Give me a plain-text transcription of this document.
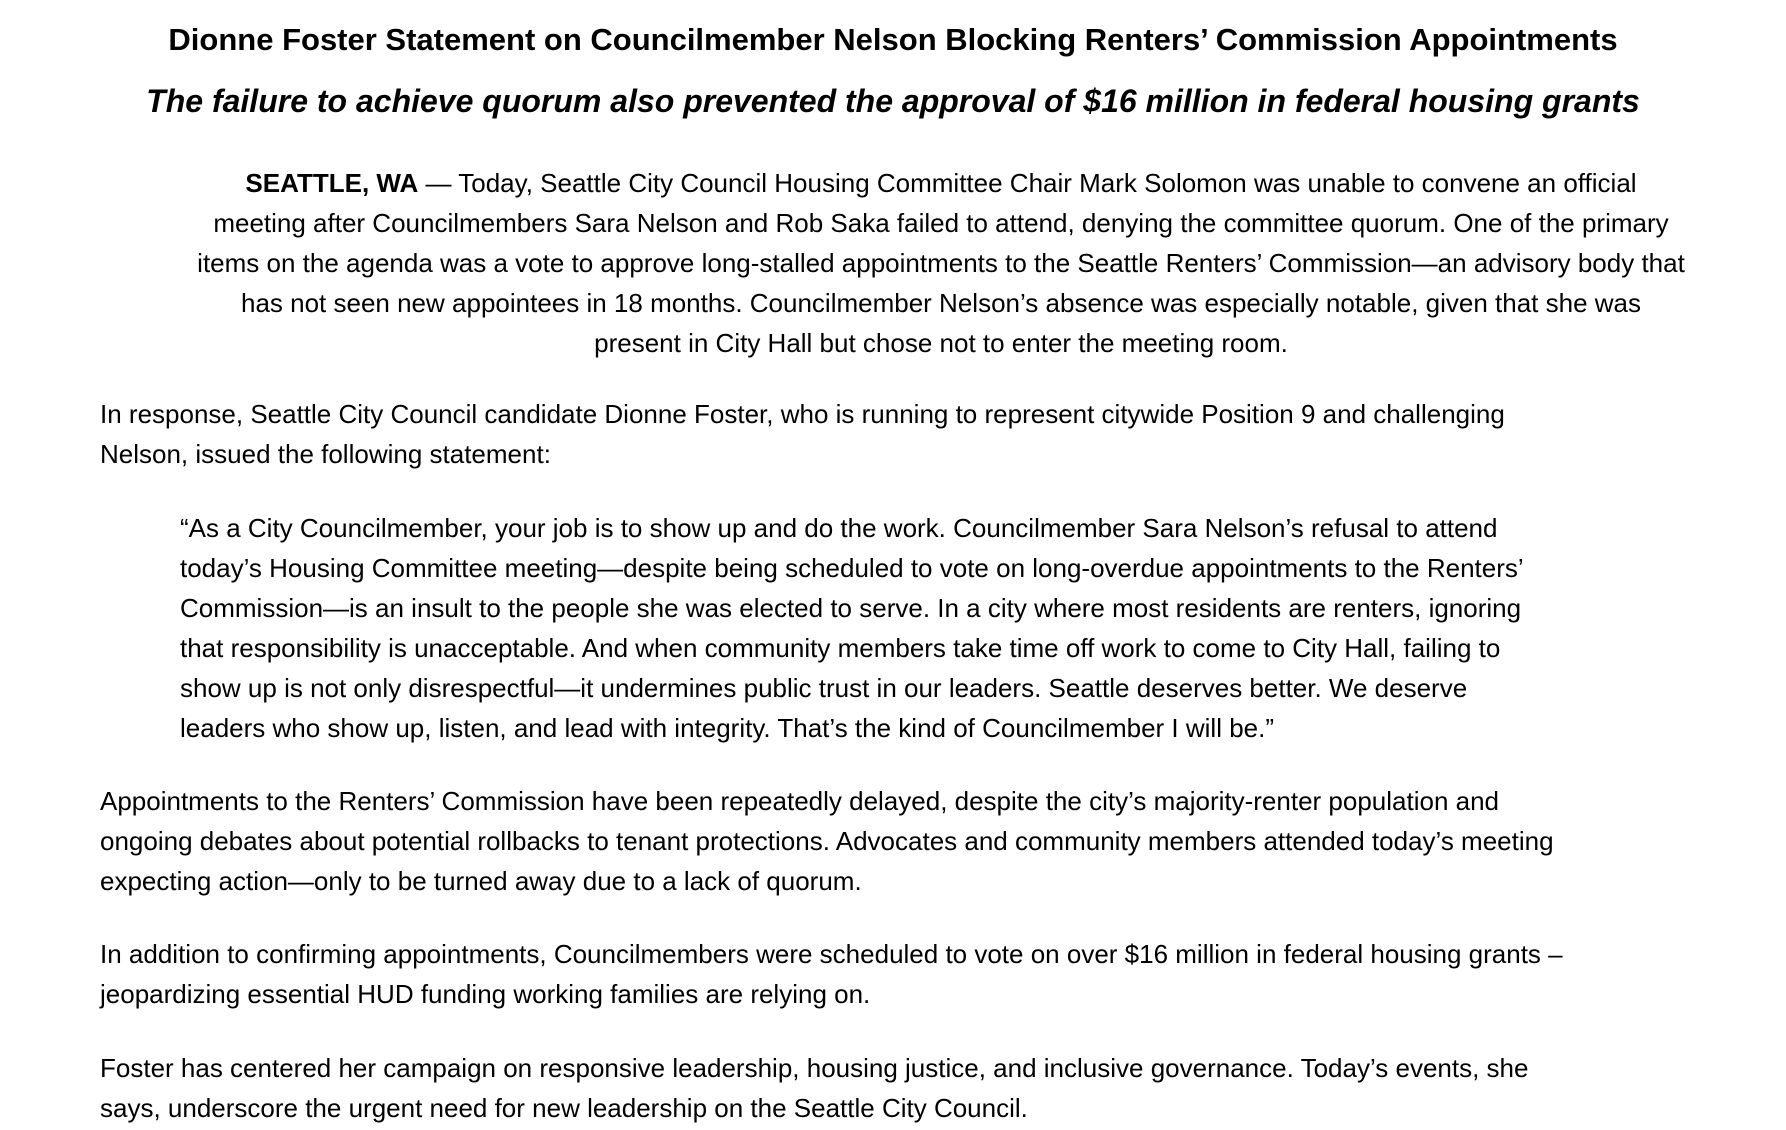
Dionne Foster Statement on Councilmember Nelson Blocking Renters’ Commission Appointments
The failure to achieve quorum also prevented the approval of $16 million in federal housing grants

SEATTLE, WA — Today, Seattle City Council Housing Committee Chair Mark Solomon was unable to convene an official
meeting after Councilmembers Sara Nelson and Rob Saka failed to attend, denying the committee quorum. One of the primary
items on the agenda was a vote to approve long-stalled appointments to the Seattle Renters’ Commission—an advisory body that
has not seen new appointees in 18 months. Councilmember Nelson’s absence was especially notable, given that she was
present in City Hall but chose not to enter the meeting room.

In response, Seattle City Council candidate Dionne Foster, who is running to represent citywide Position 9 and challenging
Nelson, issued the following statement:

“As a City Councilmember, your job is to show up and do the work. Councilmember Sara Nelson’s refusal to attend
today’s Housing Committee meeting—despite being scheduled to vote on long-overdue appointments to the Renters’
Commission—is an insult to the people she was elected to serve. In a city where most residents are renters, ignoring
that responsibility is unacceptable. And when community members take time off work to come to City Hall, failing to
show up is not only disrespectful—it undermines public trust in our leaders. Seattle deserves better. We deserve
leaders who show up, listen, and lead with integrity. That’s the kind of Councilmember I will be.”

Appointments to the Renters’ Commission have been repeatedly delayed, despite the city’s majority-renter population and
ongoing debates about potential rollbacks to tenant protections. Advocates and community members attended today’s meeting
expecting action—only to be turned away due to a lack of quorum.

In addition to confirming appointments, Councilmembers were scheduled to vote on over $16 million in federal housing grants –
jeopardizing essential HUD funding working families are relying on.

Foster has centered her campaign on responsive leadership, housing justice, and inclusive governance. Today’s events, she
says, underscore the urgent need for new leadership on the Seattle City Council.
